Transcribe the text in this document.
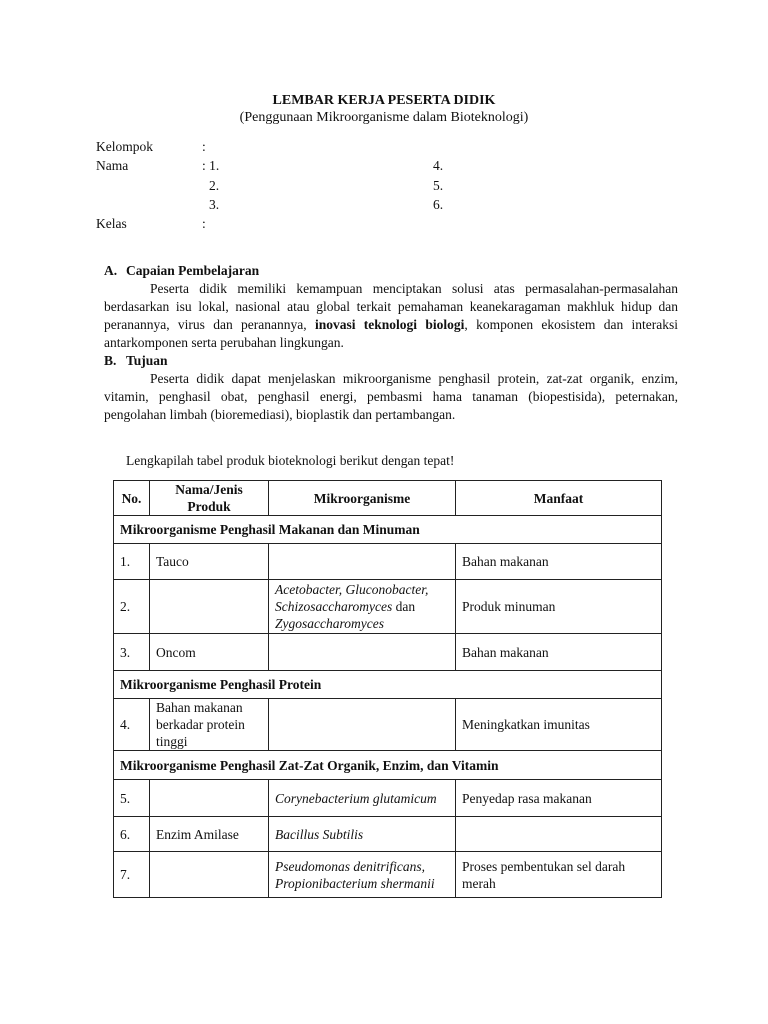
LEMBAR KERJA PESERTA DIDIK
(Penggunaan Mikroorganisme dalam Bioteknologi)
Kelompok	:
Nama	: 1.	4.
2.	5.
3.	6.
Kelas	:
A. Capaian Pembelajaran
Peserta didik memiliki kemampuan menciptakan solusi atas permasalahan-permasalahan berdasarkan isu lokal, nasional atau global terkait pemahaman keanekaragaman makhluk hidup dan peranannya, virus dan peranannya, inovasi teknologi biologi, komponen ekosistem dan interaksi antarkomponen serta perubahan lingkungan.
B. Tujuan
Peserta didik dapat menjelaskan mikroorganisme penghasil protein, zat-zat organik, enzim, vitamin, penghasil obat, penghasil energi, pembasmi hama tanaman (biopestisida), peternakan, pengolahan limbah (bioremediasi), bioplastik dan pertambangan.
Lengkapilah tabel produk bioteknologi berikut dengan tepat!
No.	Nama/Jenis Produk	Mikroorganisme	Manfaat
Mikroorganisme Penghasil Makanan dan Minuman			
1.	Tauco		Bahan makanan
2.		Acetobacter, Gluconobacter, Schizosaccharomyces dan Zygosaccharomyces	Produk minuman
3.	Oncom		Bahan makanan
Mikroorganisme Penghasil Protein			
4.	Bahan makanan berkadar protein tinggi		Meningkatkan imunitas
Mikroorganisme Penghasil Zat-Zat Organik, Enzim, dan Vitamin			
5.		Corynebacterium glutamicum	Penyedap rasa makanan
6.	Enzim Amilase	Bacillus Subtilis	
7.		Pseudomonas denitrificans, Propionibacterium shermanii	Proses pembentukan sel darah merah
